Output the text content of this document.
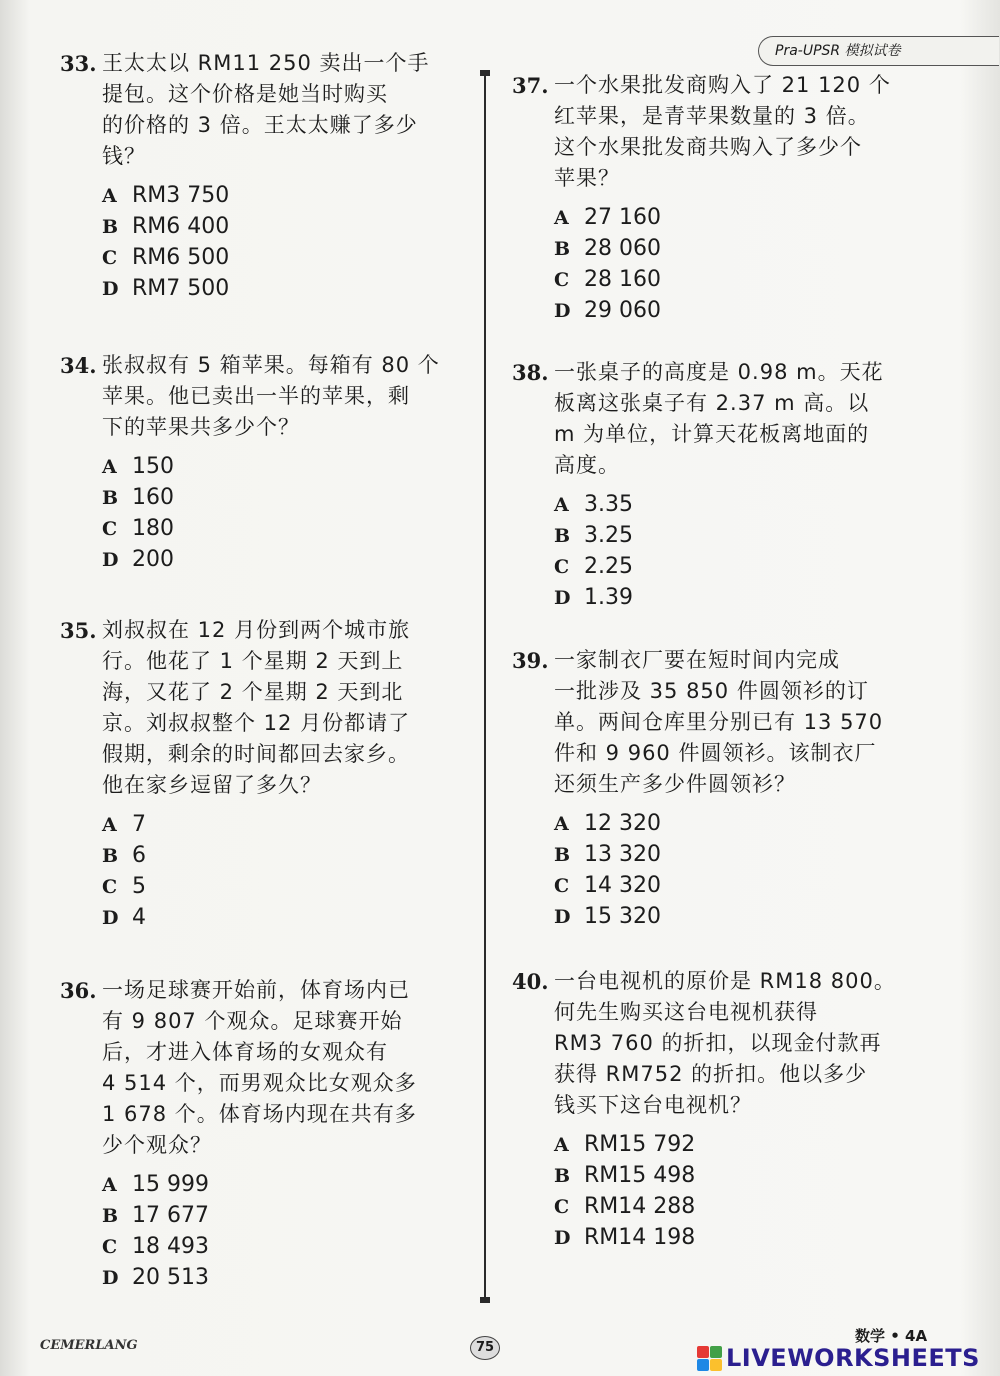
Pra-UPSR 模拟试卷
33. 王太太以 RM11 250 卖出一个手
提包。这个价格是她当时购买
的价格的 3 倍。王太太赚了多少
钱？
A RM3 750
B RM6 400
C RM6 500
D RM7 500
34. 张叔叔有 5 箱苹果。每箱有 80 个
苹果。他已卖出一半的苹果，剩
下的苹果共多少个？
A 150
B 160
C 180
D 200
35. 刘叔叔在 12 月份到两个城市旅
行。他花了 1 个星期 2 天到上
海，又花了 2 个星期 2 天到北
京。刘叔叔整个 12 月份都请了
假期，剩余的时间都回去家乡。
他在家乡逗留了多久？
A 7
B 6
C 5
D 4
36. 一场足球赛开始前，体育场内已
有 9 807 个观众。足球赛开始
后，才进入体育场的女观众有
4 514 个，而男观众比女观众多
1 678 个。体育场内现在共有多
少个观众？
A 15 999
B 17 677
C 18 493
D 20 513
37. 一个水果批发商购入了 21 120 个
红苹果，是青苹果数量的 3 倍。
这个水果批发商共购入了多少个
苹果？
A 27 160
B 28 060
C 28 160
D 29 060
38. 一张桌子的高度是 0.98 m。天花
板离这张桌子有 2.37 m 高。以
m 为单位，计算天花板离地面的
高度。
A 3.35
B 3.25
C 2.25
D 1.39
39. 一家制衣厂要在短时间内完成
一批涉及 35 850 件圆领衫的订
单。两间仓库里分别已有 13 570
件和 9 960 件圆领衫。该制衣厂
还须生产多少件圆领衫？
A 12 320
B 13 320
C 14 320
D 15 320
40. 一台电视机的原价是 RM18 800。
何先生购买这台电视机获得
RM3 760 的折扣，以现金付款再
获得 RM752 的折扣。他以多少
钱买下这台电视机？
A RM15 792
B RM15 498
C RM14 288
D RM14 198
CEMERLANG	75
数学 • 4A
LIVEWORKSHEETS
